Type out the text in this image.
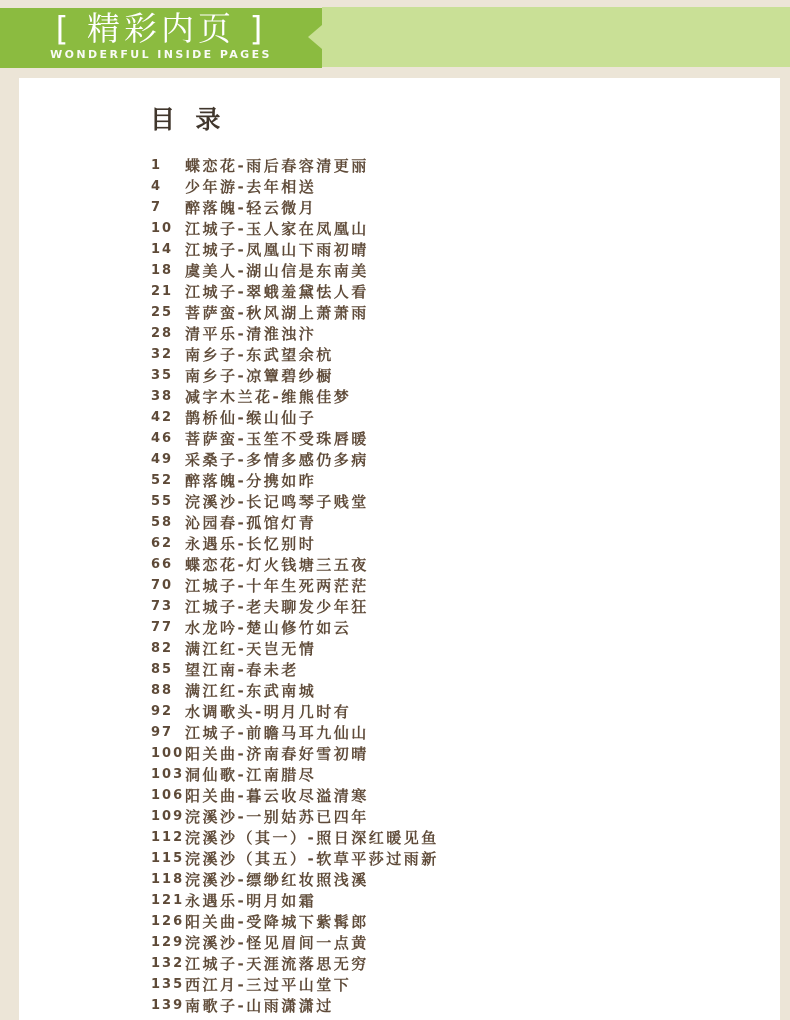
[ 精彩内页 ]
WONDERFUL INSIDE PAGES
目  录
1	蝶恋花-雨后春容清更丽
4	少年游-去年相送
7	醉落魄-轻云微月
10 江城子-玉人家在凤凰山
14 江城子-凤凰山下雨初晴
18 虞美人-湖山信是东南美
21 江城子-翠蛾羞黛怯人看
25 菩萨蛮-秋风湖上萧萧雨
28 清平乐-清淮浊汴
32 南乡子-东武望余杭
35 南乡子-凉簟碧纱橱
38 减字木兰花-维熊佳梦
42 鹊桥仙-缑山仙子
46 菩萨蛮-玉笙不受珠唇暖
49 采桑子-多情多感仍多病
52 醉落魄-分携如昨
55 浣溪沙-长记鸣琴子贱堂
58 沁园春-孤馆灯青
62 永遇乐-长忆别时
66 蝶恋花-灯火钱塘三五夜
70 江城子-十年生死两茫茫
73 江城子-老夫聊发少年狂
77 水龙吟-楚山修竹如云
82 满江红-天岂无情
85 望江南-春未老
88 满江红-东武南城
92 水调歌头-明月几时有
97 江城子-前瞻马耳九仙山
100 阳关曲-济南春好雪初晴
103 洞仙歌-江南腊尽
106 阳关曲-暮云收尽溢清寒
109 浣溪沙-一别姑苏已四年
112 浣溪沙（其一）-照日深红暖见鱼
115 浣溪沙（其五）-软草平莎过雨新
118 浣溪沙-缥缈红妆照浅溪
121 永遇乐-明月如霜
126 阳关曲-受降城下紫髯郎
129 浣溪沙-怪见眉间一点黄
132 江城子-天涯流落思无穷
135 西江月-三过平山堂下
139 南歌子-山雨潇潇过
